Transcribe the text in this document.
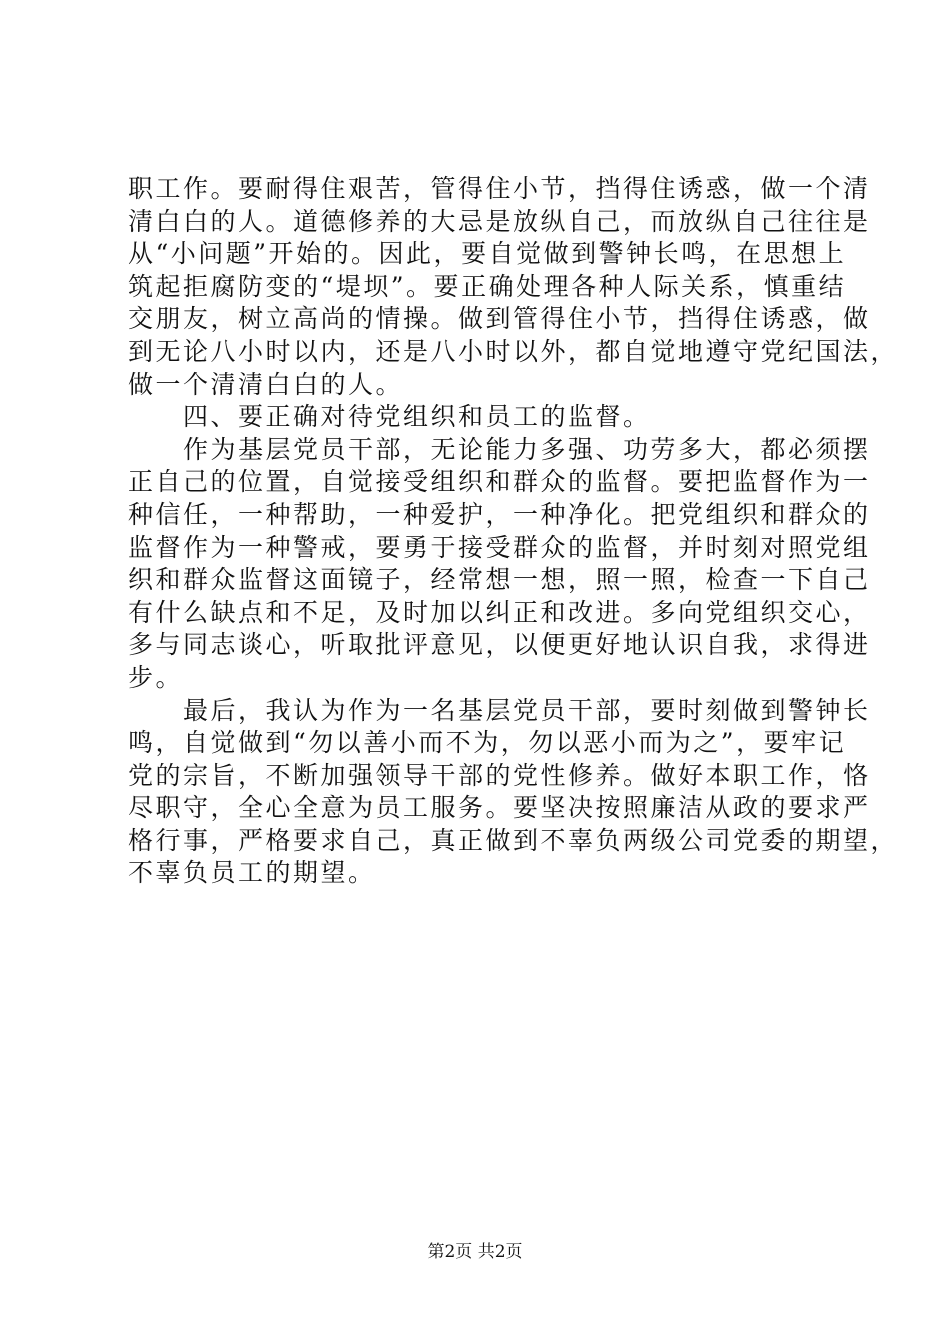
职工作。要耐得住艰苦，管得住小节，挡得住诱惑，做一个清
清白白的人。道德修养的大忌是放纵自己，而放纵自己往往是
从“小问题”开始的。因此，要自觉做到警钟长鸣，在思想上
筑起拒腐防变的“堤坝”。要正确处理各种人际关系，慎重结
交朋友，树立高尚的情操。做到管得住小节，挡得住诱惑，做
到无论八小时以内，还是八小时以外，都自觉地遵守党纪国法，
做一个清清白白的人。
　　四、要正确对待党组织和员工的监督。
　　作为基层党员干部，无论能力多强、功劳多大，都必须摆
正自己的位置，自觉接受组织和群众的监督。要把监督作为一
种信任，一种帮助，一种爱护，一种净化。把党组织和群众的
监督作为一种警戒，要勇于接受群众的监督，并时刻对照党组
织和群众监督这面镜子，经常想一想，照一照，检查一下自己
有什么缺点和不足，及时加以纠正和改进。多向党组织交心，
多与同志谈心，听取批评意见，以便更好地认识自我，求得进
步。
　　最后，我认为作为一名基层党员干部，要时刻做到警钟长
鸣，自觉做到“勿以善小而不为，勿以恶小而为之”，要牢记
党的宗旨，不断加强领导干部的党性修养。做好本职工作，恪
尽职守，全心全意为员工服务。要坚决按照廉洁从政的要求严
格行事，严格要求自己，真正做到不辜负两级公司党委的期望，
不辜负员工的期望。
第2页 共2页
